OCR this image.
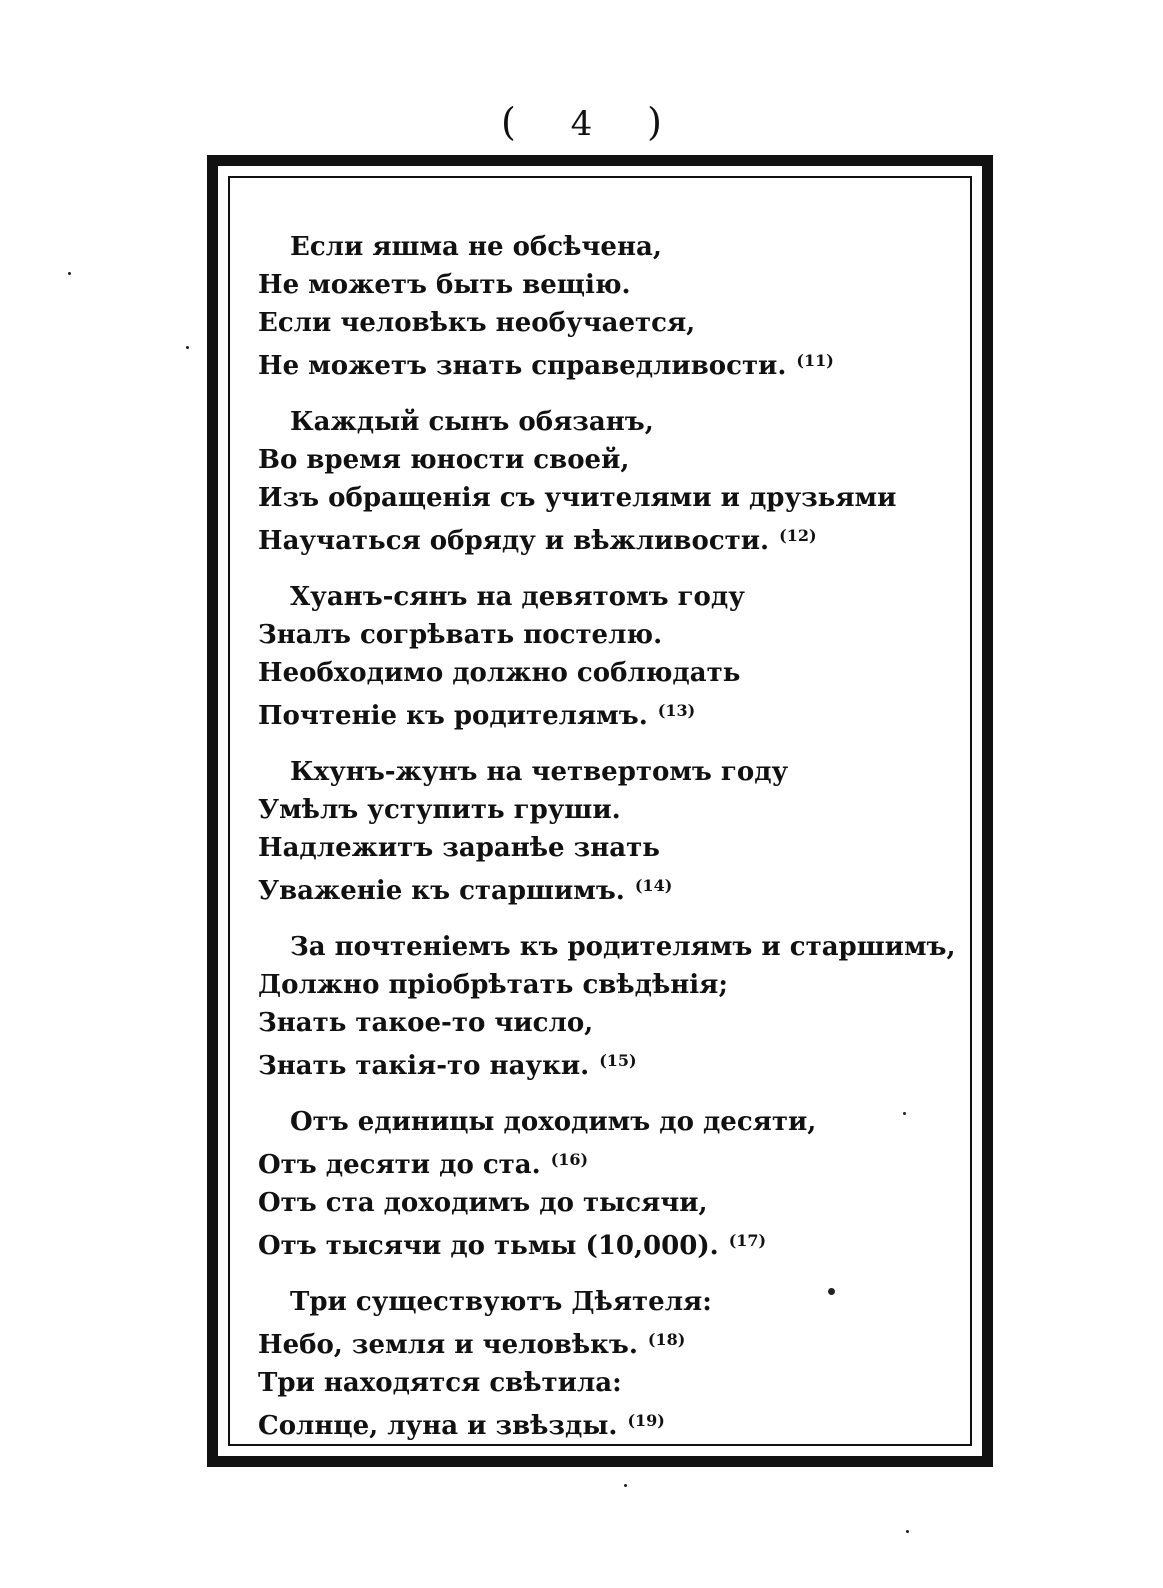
( 4 )
Если яшма не обсѣчена,
Не можетъ быть вещію.
Если человѣкъ необучается,
Не можетъ знать справедливости. $^{(11)}$
Каждый сынъ обязанъ,
Во время юности своей,
Изъ обращенія съ учителями и друзьями
Научаться обряду и вѣжливости. $^{(12)}$
Хуанъ-сянъ на девятомъ году
Зналъ согрѣвать постелю.
Необходимо должно соблюдать
Почтеніе къ родителямъ. $^{(13)}$
Кхунъ-жунъ на четвертомъ году
Умѣлъ уступить груши.
Надлежитъ заранѣе знать
Уваженіе къ старшимъ. $^{(14)}$
За почтеніемъ къ родителямъ и старшимъ,
Должно пріобрѣтать свѣдѣнія;
Знать такое-то число,
Знать такія-то науки. $^{(15)}$
Отъ единицы доходимъ до десяти,
Отъ десяти до ста. $^{(16)}$
Отъ ста доходимъ до тысячи,
Отъ тысячи до тьмы (10,000). $^{(17)}$
Три существуютъ Дѣятеля:
Небо, земля и человѣкъ. $^{(18)}$
Три находятся свѣтила:
Солнце, луна и звѣзды. $^{(19)}$
